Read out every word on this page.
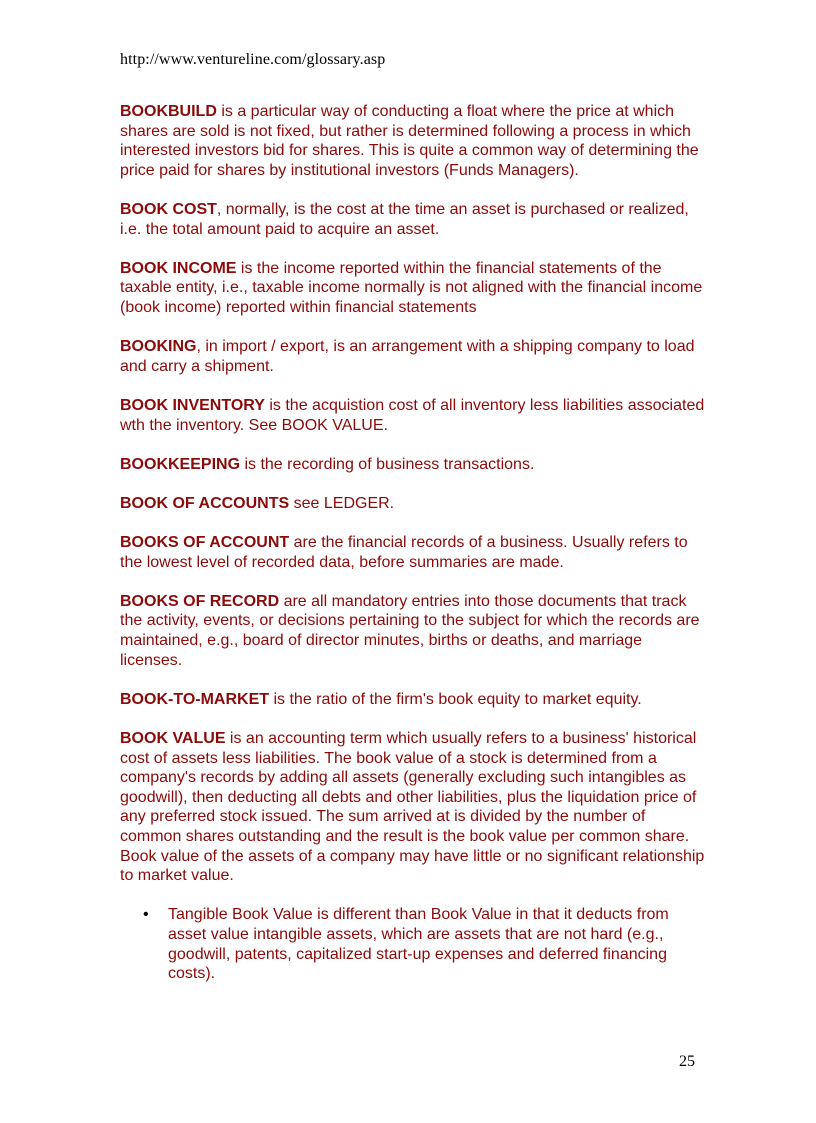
http://www.ventureline.com/glossary.asp

BOOKBUILD is a particular way of conducting a float where the price at which shares are sold is not fixed, but rather is determined following a process in which interested investors bid for shares. This is quite a common way of determining the price paid for shares by institutional investors (Funds Managers).

BOOK COST, normally, is the cost at the time an asset is purchased or realized, i.e. the total amount paid to acquire an asset.

BOOK INCOME is the income reported within the financial statements of the taxable entity, i.e., taxable income normally is not aligned with the financial income (book income) reported within financial statements

BOOKING, in import / export, is an arrangement with a shipping company to load and carry a shipment.

BOOK INVENTORY is the acquistion cost of all inventory less liabilities associated wth the inventory. See BOOK VALUE.

BOOKKEEPING is the recording of business transactions.

BOOK OF ACCOUNTS see LEDGER.

BOOKS OF ACCOUNT are the financial records of a business. Usually refers to the lowest level of recorded data, before summaries are made.

BOOKS OF RECORD are all mandatory entries into those documents that track the activity, events, or decisions pertaining to the subject for which the records are maintained, e.g., board of director minutes, births or deaths, and marriage licenses.

BOOK-TO-MARKET is the ratio of the firm's book equity to market equity.

BOOK VALUE is an accounting term which usually refers to a business' historical cost of assets less liabilities. The book value of a stock is determined from a company's records by adding all assets (generally excluding such intangibles as goodwill), then deducting all debts and other liabilities, plus the liquidation price of any preferred stock issued. The sum arrived at is divided by the number of common shares outstanding and the result is the book value per common share. Book value of the assets of a company may have little or no significant relationship to market value.

• Tangible Book Value is different than Book Value in that it deducts from asset value intangible assets, which are assets that are not hard (e.g., goodwill, patents, capitalized start-up expenses and deferred financing costs).
25
